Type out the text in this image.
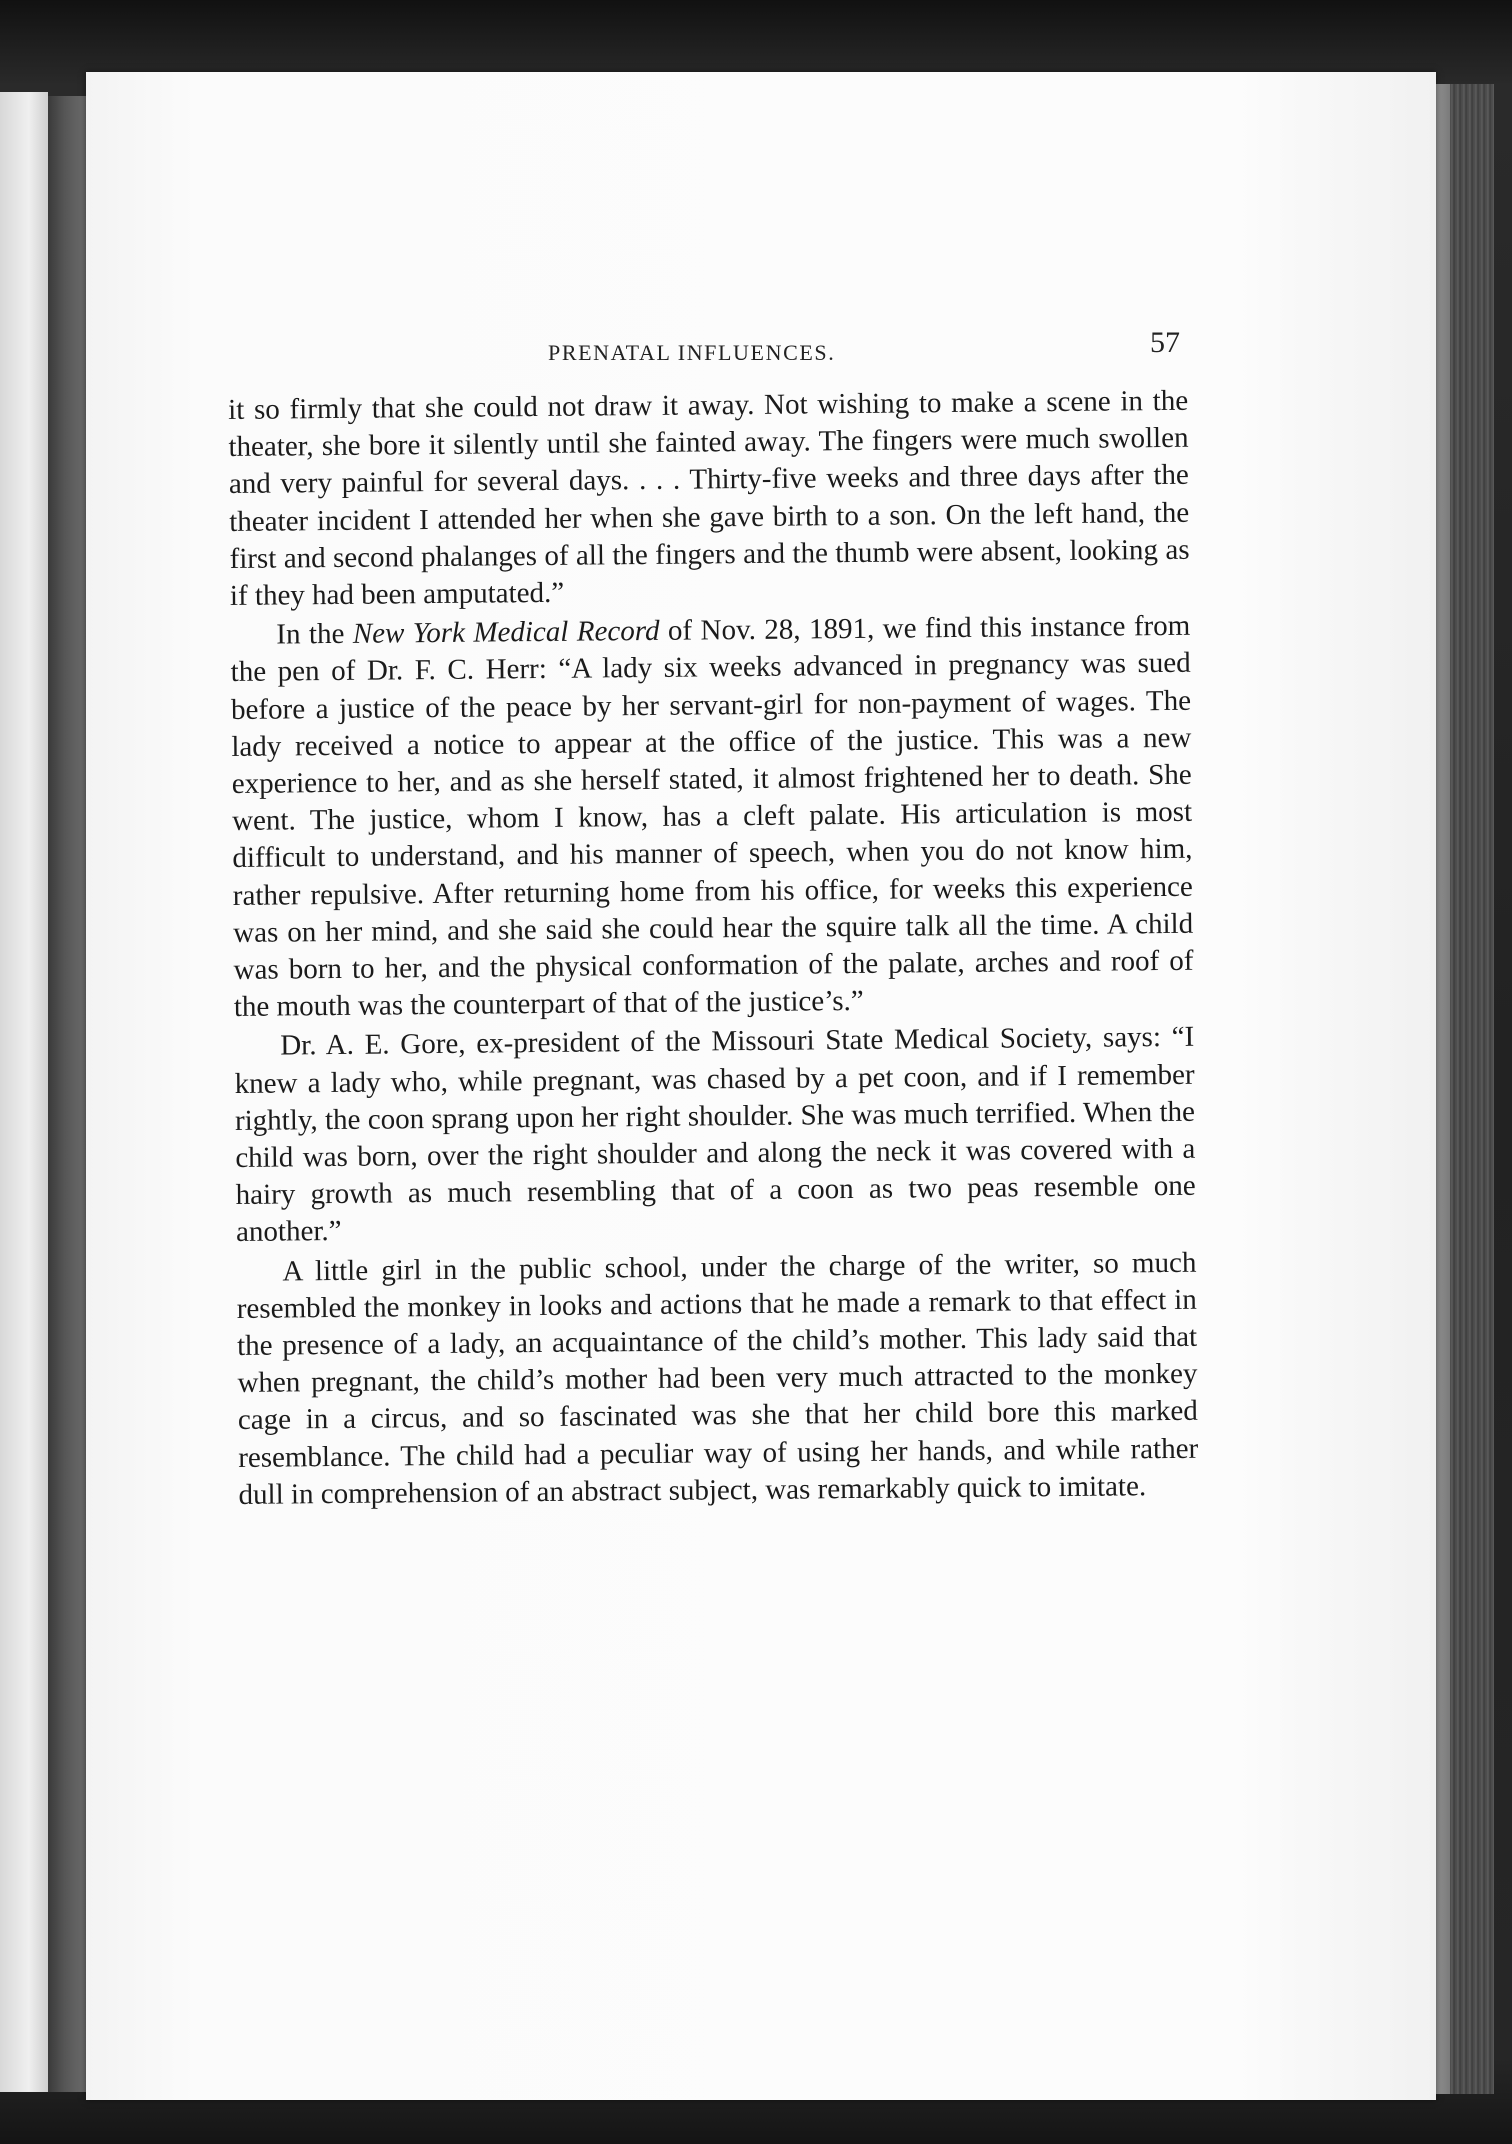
PRENATAL INFLUENCES.	57

it so firmly that she could not draw it away. Not wishing to make a scene in the theater, she bore it silently until she fainted away. The fingers were much swollen and very painful for several days. . . . Thirty-five weeks and three days after the theater incident I attended her when she gave birth to a son. On the left hand, the first and second phalanges of all the fingers and the thumb were absent, looking as if they had been amputated.”

In the New York Medical Record of Nov. 28, 1891, we find this instance from the pen of Dr. F. C. Herr: “A lady six weeks advanced in pregnancy was sued before a justice of the peace by her servant-girl for non-payment of wages. The lady received a notice to appear at the office of the justice. This was a new experience to her, and as she herself stated, it almost frightened her to death. She went. The justice, whom I know, has a cleft palate. His articulation is most difficult to understand, and his manner of speech, when you do not know him, rather repulsive. After returning home from his office, for weeks this experience was on her mind, and she said she could hear the squire talk all the time. A child was born to her, and the physical conformation of the palate, arches and roof of the mouth was the counterpart of that of the justice’s.”

Dr. A. E. Gore, ex-president of the Missouri State Medical Society, says: “I knew a lady who, while pregnant, was chased by a pet coon, and if I remember rightly, the coon sprang upon her right shoulder. She was much terrified. When the child was born, over the right shoulder and along the neck it was covered with a hairy growth as much resembling that of a coon as two peas resemble one another.”

A little girl in the public school, under the charge of the writer, so much resembled the monkey in looks and actions that he made a remark to that effect in the presence of a lady, an acquaintance of the child’s mother. This lady said that when pregnant, the child’s mother had been very much attracted to the monkey cage in a circus, and so fascinated was she that her child bore this marked resemblance. The child had a peculiar way of using her hands, and while rather dull in comprehension of an abstract subject, was remarkably quick to imitate.
